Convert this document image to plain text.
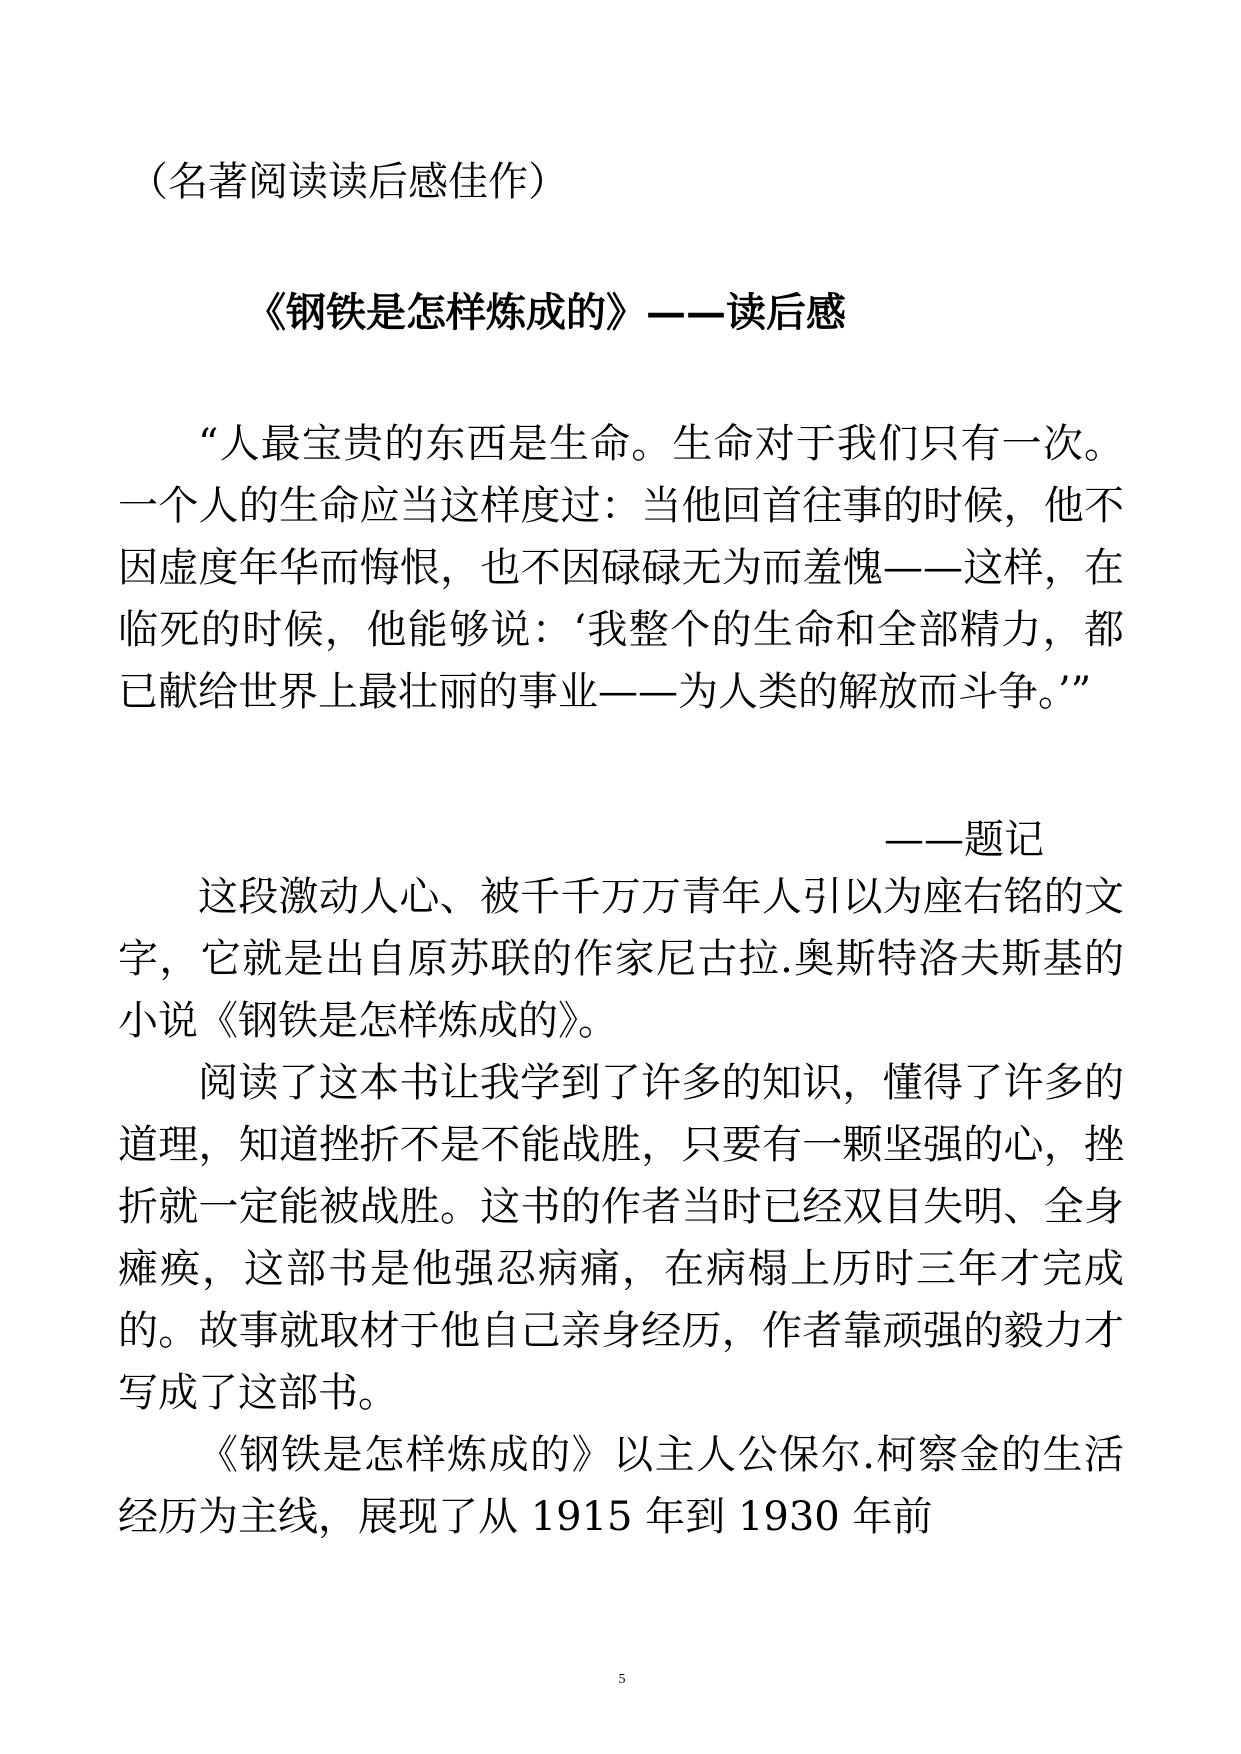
（名著阅读读后感佳作）
《钢铁是怎样炼成的》——读后感

“人最宝贵的东西是生命。生命对于我们只有一次。一个人的生命应当这样度过：当他回首往事的时候，他不因虚度年华而悔恨，也不因碌碌无为而羞愧——这样，在临死的时候，他能够说：‘我整个的生命和全部精力，都已献给世界上最壮丽的事业——为人类的解放而斗争。’”

——题记

这段激动人心、被千千万万青年人引以为座右铭的文字，它就是出自原苏联的作家尼古拉.奥斯特洛夫斯基的小说《钢铁是怎样炼成的》。

阅读了这本书让我学到了许多的知识，懂得了许多的道理，知道挫折不是不能战胜，只要有一颗坚强的心，挫折就一定能被战胜。这书的作者当时已经双目失明、全身瘫痪，这部书是他强忍病痛，在病榻上历时三年才完成的。故事就取材于他自己亲身经历，作者靠顽强的毅力才写成了这部书。

《钢铁是怎样炼成的》以主人公保尔.柯察金的生活经历为主线，展现了从 1915 年到 1930 年前

5
